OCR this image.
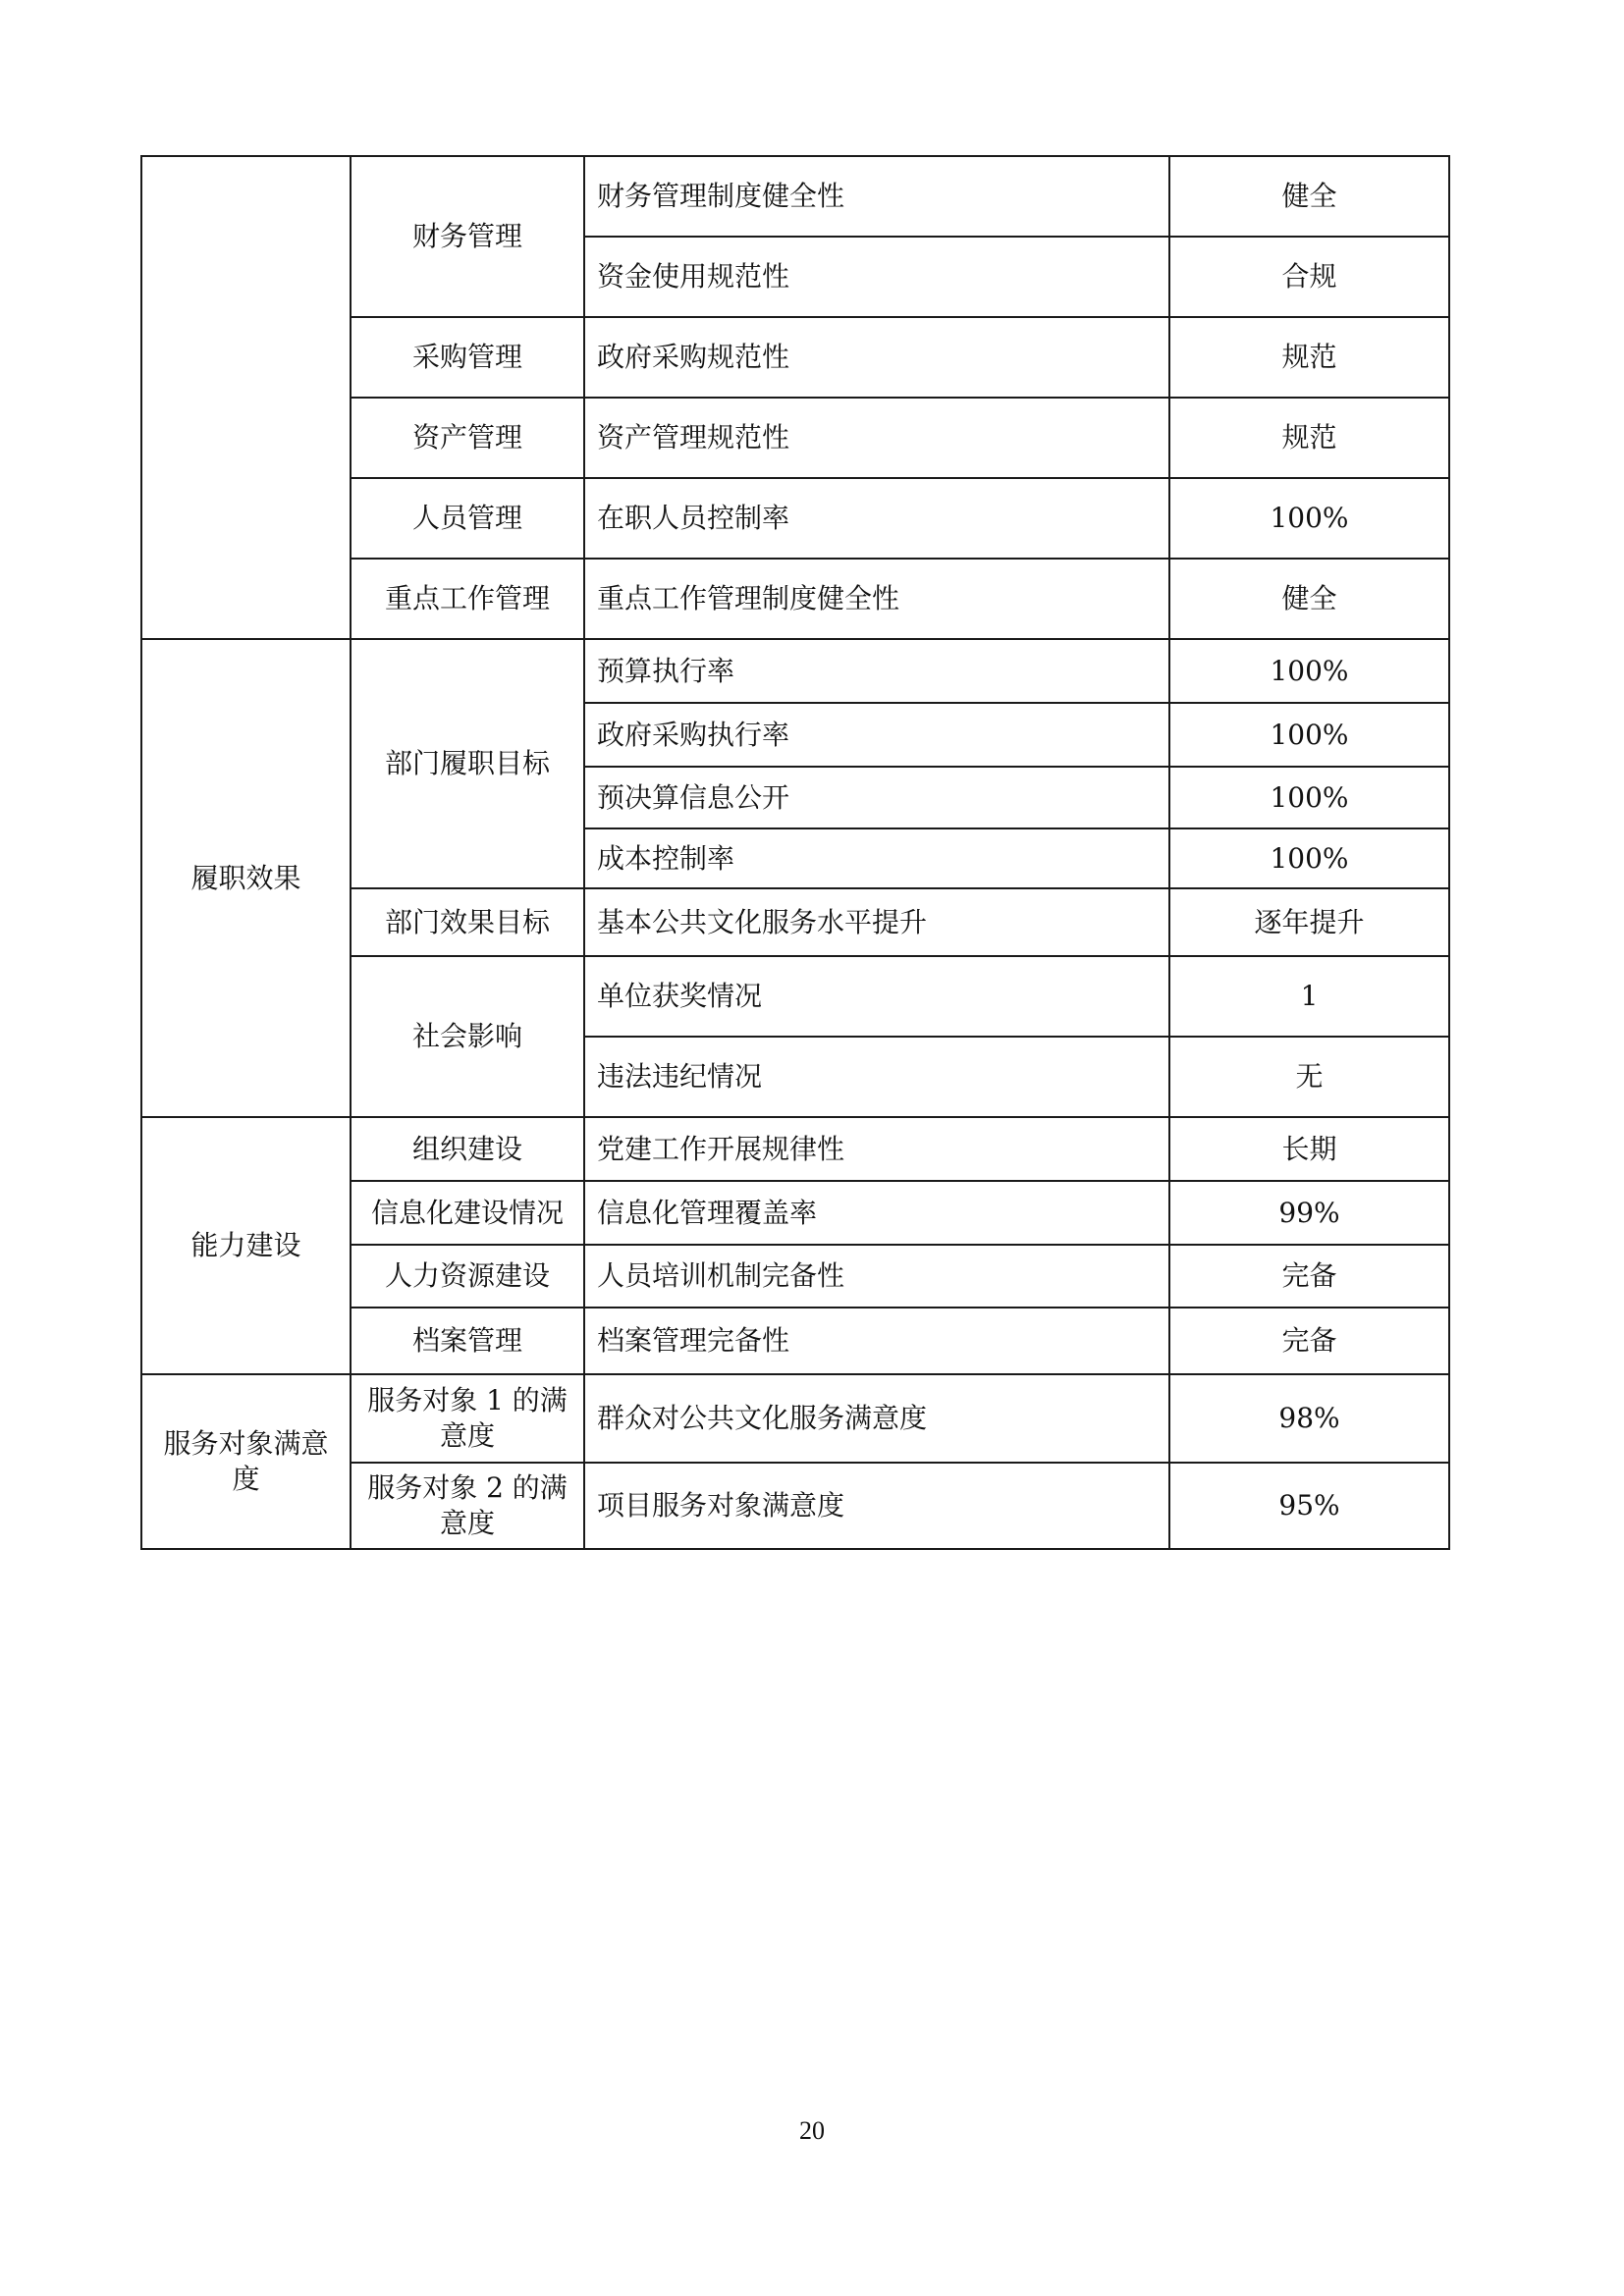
	财务管理	财务管理制度健全性	健全
		资金使用规范性	合规
	采购管理	政府采购规范性	规范
	资产管理	资产管理规范性	规范
	人员管理	在职人员控制率	100%
	重点工作管理	重点工作管理制度健全性	健全
履职效果	部门履职目标	预算执行率	100%
		政府采购执行率	100%
		预决算信息公开	100%
		成本控制率	100%
	部门效果目标	基本公共文化服务水平提升	逐年提升
	社会影响	单位获奖情况	1
		违法违纪情况	无
能力建设	组织建设	党建工作开展规律性	长期
	信息化建设情况	信息化管理覆盖率	99%
	人力资源建设	人员培训机制完备性	完备
	档案管理	档案管理完备性	完备
服务对象满意度	服务对象 1 的满意度	群众对公共文化服务满意度	98%
	服务对象 2 的满意度	项目服务对象满意度	95%
20
